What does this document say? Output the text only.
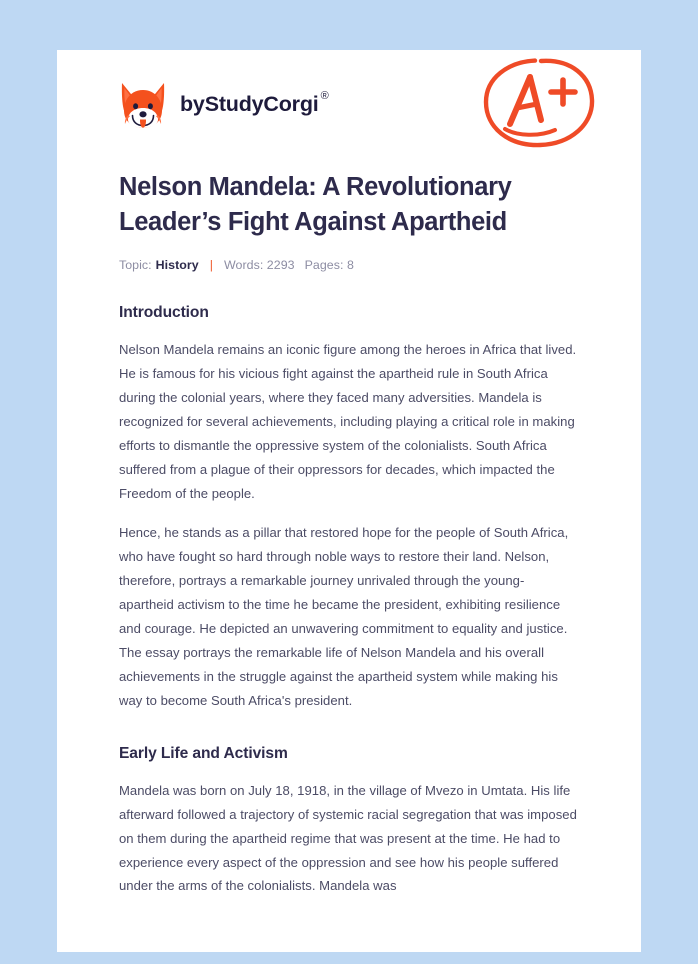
by StudyCorgi ®
Nelson Mandela: A Revolutionary Leader’s Fight Against Apartheid
Topic: History | Words: 2293 Pages: 8
Introduction

Nelson Mandela remains an iconic figure among the heroes in Africa that lived. He is famous for his vicious fight against the apartheid rule in South Africa during the colonial years, where they faced many adversities. Mandela is recognized for several achievements, including playing a critical role in making efforts to dismantle the oppressive system of the colonialists. South Africa suffered from a plague of their oppressors for decades, which impacted the Freedom of the people.

Hence, he stands as a pillar that restored hope for the people of South Africa, who have fought so hard through noble ways to restore their land. Nelson, therefore, portrays a remarkable journey unrivaled through the young-apartheid activism to the time he became the president, exhibiting resilience and courage. He depicted an unwavering commitment to equality and justice. The essay portrays the remarkable life of Nelson Mandela and his overall achievements in the struggle against the apartheid system while making his way to become South Africa's president.

Early Life and Activism

Mandela was born on July 18, 1918, in the village of Mvezo in Umtata. His life afterward followed a trajectory of systemic racial segregation that was imposed on them during the apartheid regime that was present at the time. He had to experience every aspect of the oppression and see how his people suffered under the arms of the colonialists. Mandela was
